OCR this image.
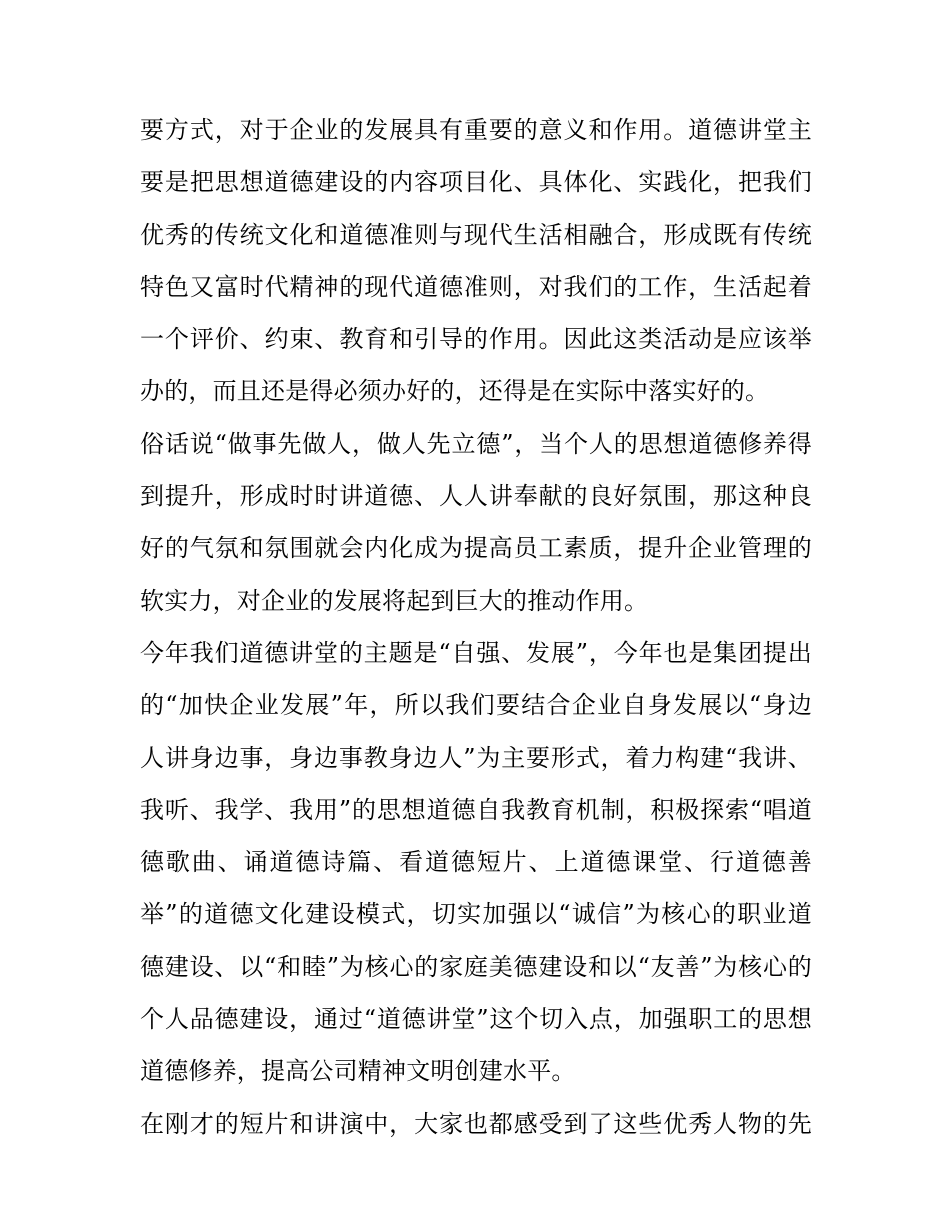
要方式，对于企业的发展具有重要的意义和作用。道德讲堂主
要是把思想道德建设的内容项目化、具体化、实践化，把我们
优秀的传统文化和道德准则与现代生活相融合，形成既有传统
特色又富时代精神的现代道德准则，对我们的工作，生活起着
一个评价、约束、教育和引导的作用。因此这类活动是应该举
办的，而且还是得必须办好的，还得是在实际中落实好的。
俗话说“做事先做人，做人先立德”，当个人的思想道德修养得
到提升，形成时时讲道德、人人讲奉献的良好氛围，那这种良
好的气氛和氛围就会内化成为提高员工素质，提升企业管理的
软实力，对企业的发展将起到巨大的推动作用。
今年我们道德讲堂的主题是“自强、发展”，今年也是集团提出
的“加快企业发展”年，所以我们要结合企业自身发展以“身边
人讲身边事，身边事教身边人”为主要形式，着力构建“我讲、
我听、我学、我用”的思想道德自我教育机制，积极探索“唱道
德歌曲、诵道德诗篇、看道德短片、上道德课堂、行道德善
举”的道德文化建设模式，切实加强以“诚信”为核心的职业道
德建设、以“和睦”为核心的家庭美德建设和以“友善”为核心的
个人品德建设，通过“道德讲堂”这个切入点，加强职工的思想
道德修养，提高公司精神文明创建水平。
在刚才的短片和讲演中，大家也都感受到了这些优秀人物的先
